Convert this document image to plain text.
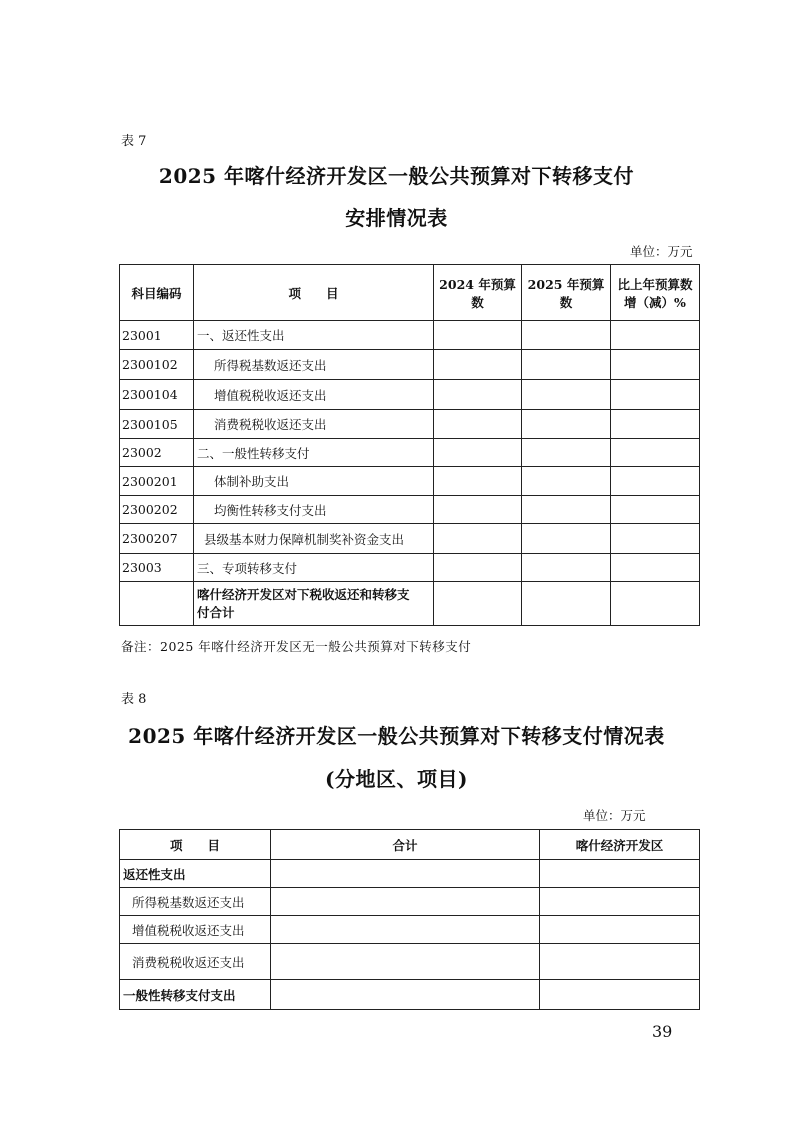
表 7
2025 年喀什经济开发区一般公共预算对下转移支付
安排情况表
单位：万元
科目编码	项　　目	2024 年预算数	2025 年预算数	比上年预算数
增（减）%

23001	一、返还性支出			
2300102	所得税基数返还支出			
2300104	增值税税收返还支出			
2300105	消费税税收返还支出			
23002	二、一般性转移支付			
2300201	体制补助支出			
2300202	均衡性转移支付支出			
2300207	县级基本财力保障机制奖补资金支出			
23003	三、专项转移支付			

	喀什经济开发区对下税收返还和转移支
付合计			

备注：2025 年喀什经济开发区无一般公共预算对下转移支付
表 8
2025 年喀什经济开发区一般公共预算对下转移支付情况表
(分地区、项目)
单位：万元
项　　目	合计	喀什经济开发区
返还性支出		
所得税基数返还支出		
增值税税收返还支出		
消费税税收返还支出		
一般性转移支付支出		
39
